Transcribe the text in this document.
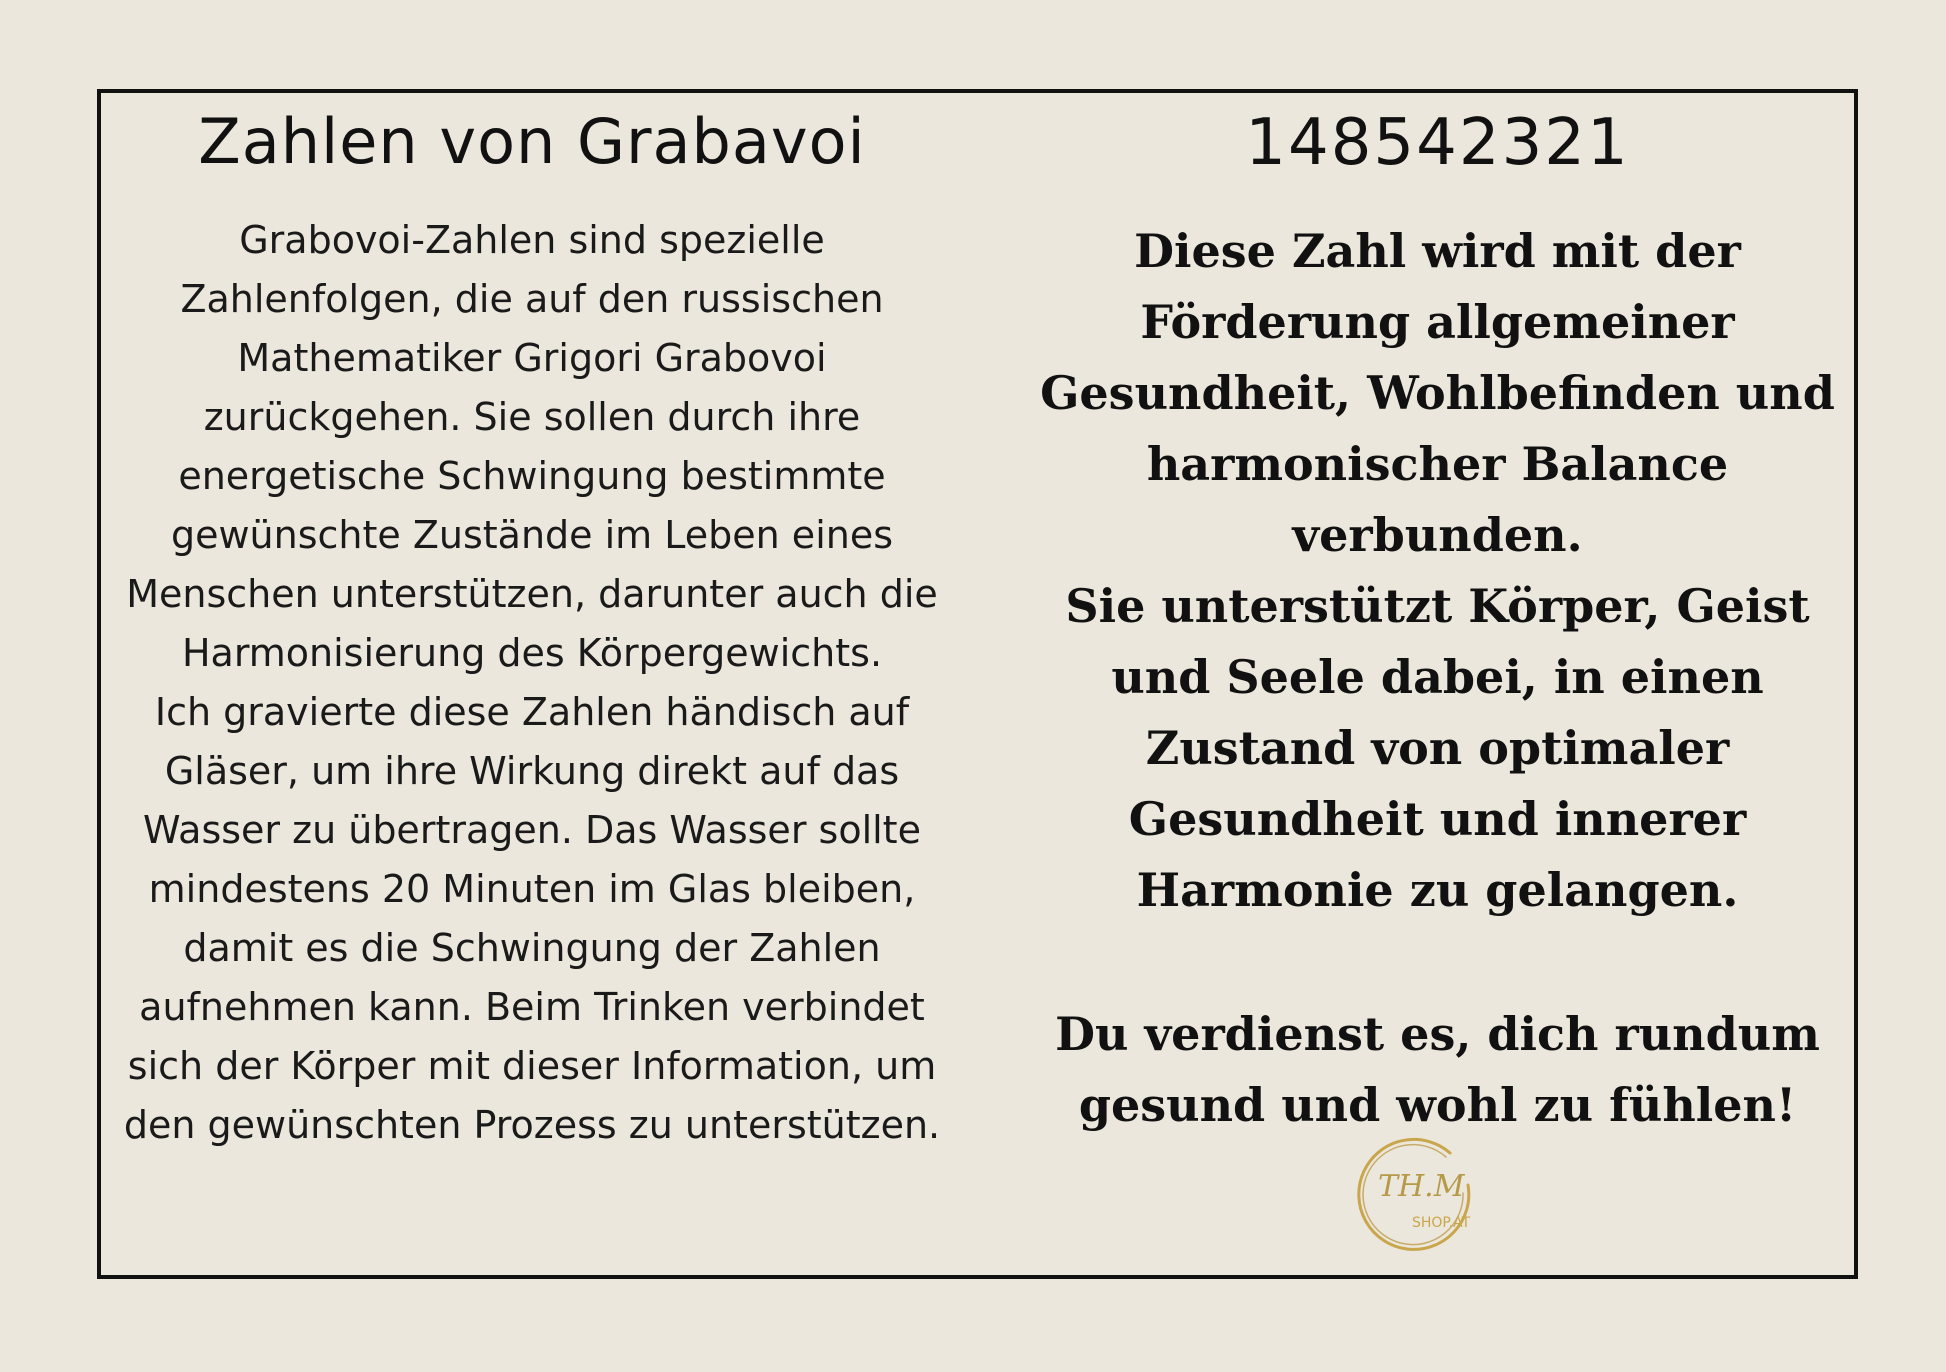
Zahlen von Grabavoi
Grabovoi-Zahlen sind spezielle Zahlenfolgen, die auf den russischen Mathematiker Grigori Grabovoi zurückgehen. Sie sollen durch ihre energetische Schwingung bestimmte gewünschte Zustände im Leben eines Menschen unterstützen, darunter auch die Harmonisierung des Körpergewichts.
Ich gravierte diese Zahlen händisch auf Gläser, um ihre Wirkung direkt auf das Wasser zu übertragen. Das Wasser sollte mindestens 20 Minuten im Glas bleiben, damit es die Schwingung der Zahlen aufnehmen kann. Beim Trinken verbindet sich der Körper mit dieser Information, um den gewünschten Prozess zu unterstützen.
148542321
Diese Zahl wird mit der Förderung allgemeiner Gesundheit, Wohlbefinden und harmonischer Balance verbunden.
Sie unterstützt Körper, Geist und Seele dabei, in einen Zustand von optimaler Gesundheit und innerer Harmonie zu gelangen.
Du verdienst es, dich rundum gesund und wohl zu fühlen!
TH.M
SHOP.AT
